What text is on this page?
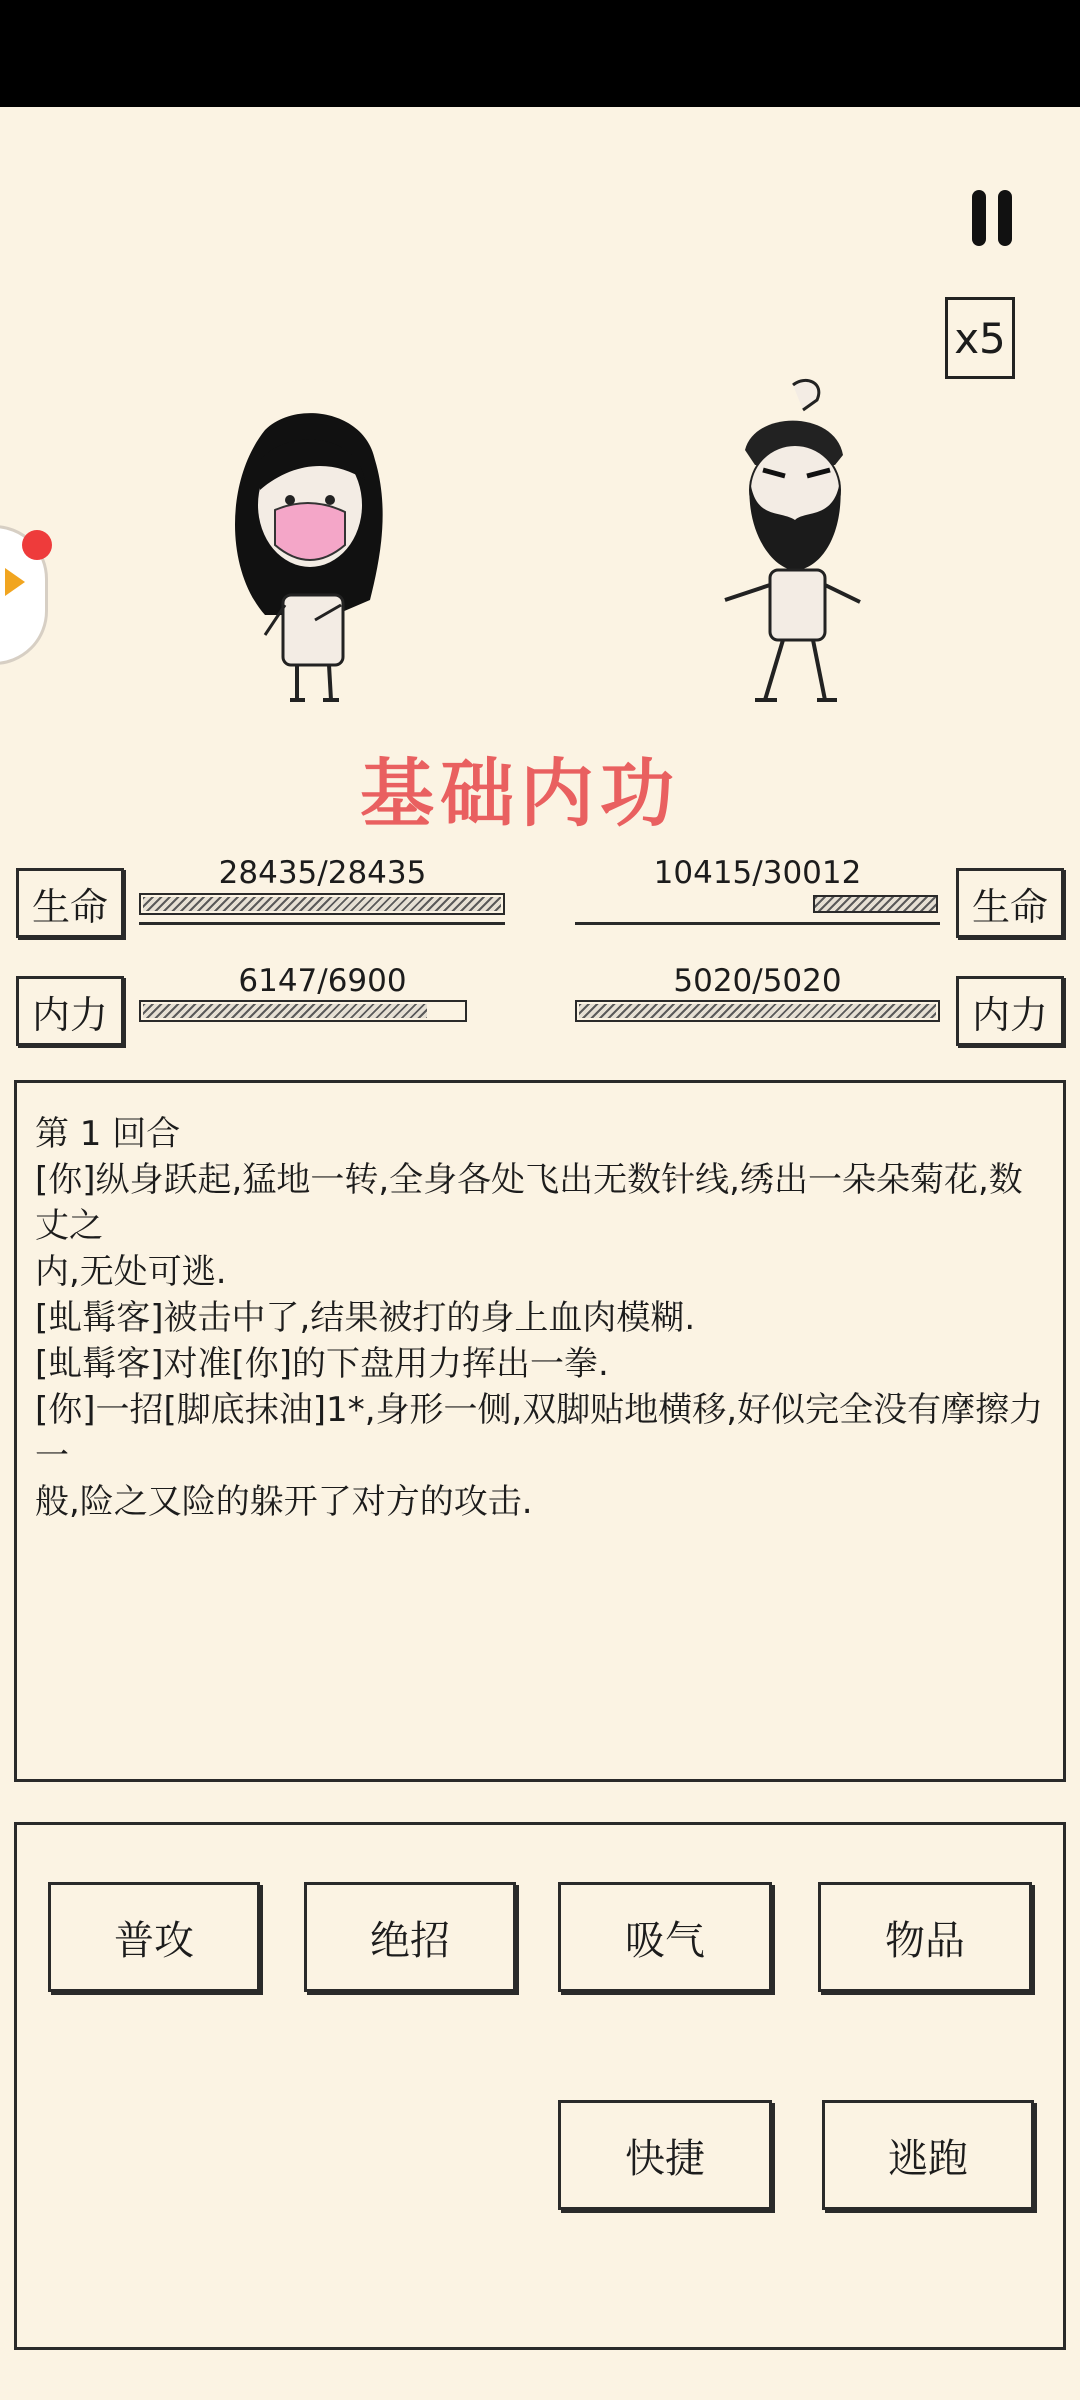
x5
基础内功
生命
28435/28435
内力
6147/6900
生命
10415/30012
内力
5020/5020
第 1 回合
[你]纵身跃起,猛地一转,全身各处飞出无数针线,绣出一朵朵菊花,数丈之
内,无处可逃.
[虬髯客]被击中了,结果被打的身上血肉模糊.
[虬髯客]对准[你]的下盘用力挥出一拳.
[你]一招[脚底抹油]1*,身形一侧,双脚贴地横移,好似完全没有摩擦力一
般,险之又险的躲开了对方的攻击.
普攻	绝招	吸气	物品
快捷	逃跑
